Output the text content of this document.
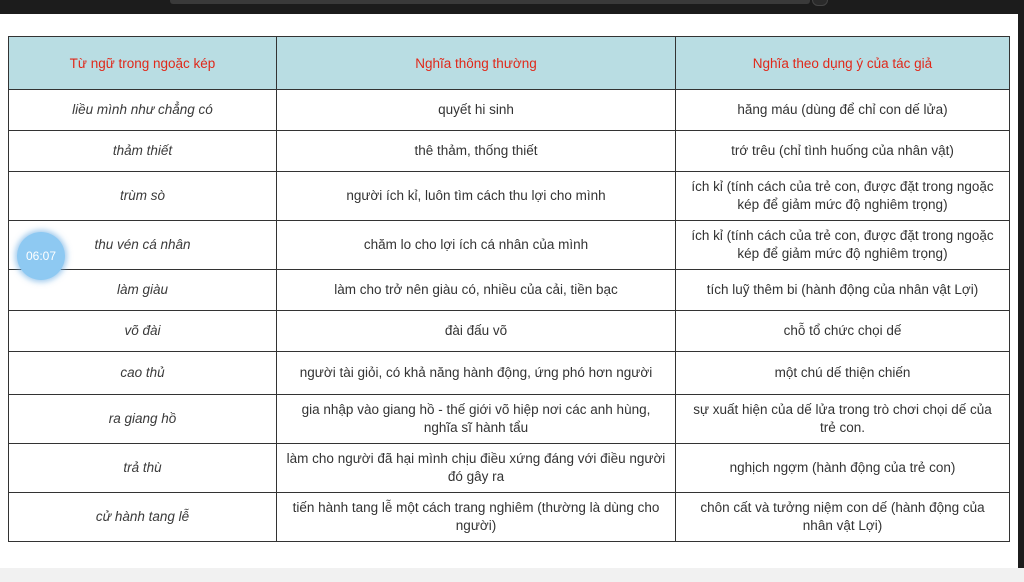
Từ ngữ trong ngoặc kép	Nghĩa thông thường	Nghĩa theo dụng ý của tác giả
liều mình như chẳng có	quyết hi sinh	hăng máu (dùng để chỉ con dế lửa)
thảm thiết	thê thảm, thống thiết	trớ trêu (chỉ tình huống của nhân vật)
trùm sò	người ích kỉ, luôn tìm cách thu lợi cho mình	ích kỉ (tính cách của trẻ con, được đặt trong ngoặc kép để giảm mức độ nghiêm trọng)
thu vén cá nhân	chăm lo cho lợi ích cá nhân của mình	ích kỉ (tính cách của trẻ con, được đặt trong ngoặc kép để giảm mức độ nghiêm trọng)
làm giàu	làm cho trở nên giàu có, nhiều của cải, tiền bạc	tích luỹ thêm bi (hành động của nhân vật Lợi)
võ đài	đài đấu võ	chỗ tổ chức chọi dế
cao thủ	người tài giỏi, có khả năng hành động, ứng phó hơn người	một chú dế thiện chiến
ra giang hồ	gia nhập vào giang hồ - thế giới võ hiệp nơi các anh hùng, nghĩa sĩ hành tẩu	sự xuất hiện của dế lửa trong trò chơi chọi dế của trẻ con.
trả thù	làm cho người đã hại mình chịu điều xứng đáng với điều người đó gây ra	nghịch ngợm (hành động của trẻ con)
cử hành tang lễ	tiến hành tang lễ một cách trang nghiêm (thường là dùng cho người)	chôn cất và tưởng niệm con dế (hành động của nhân vật Lợi)
06:07
